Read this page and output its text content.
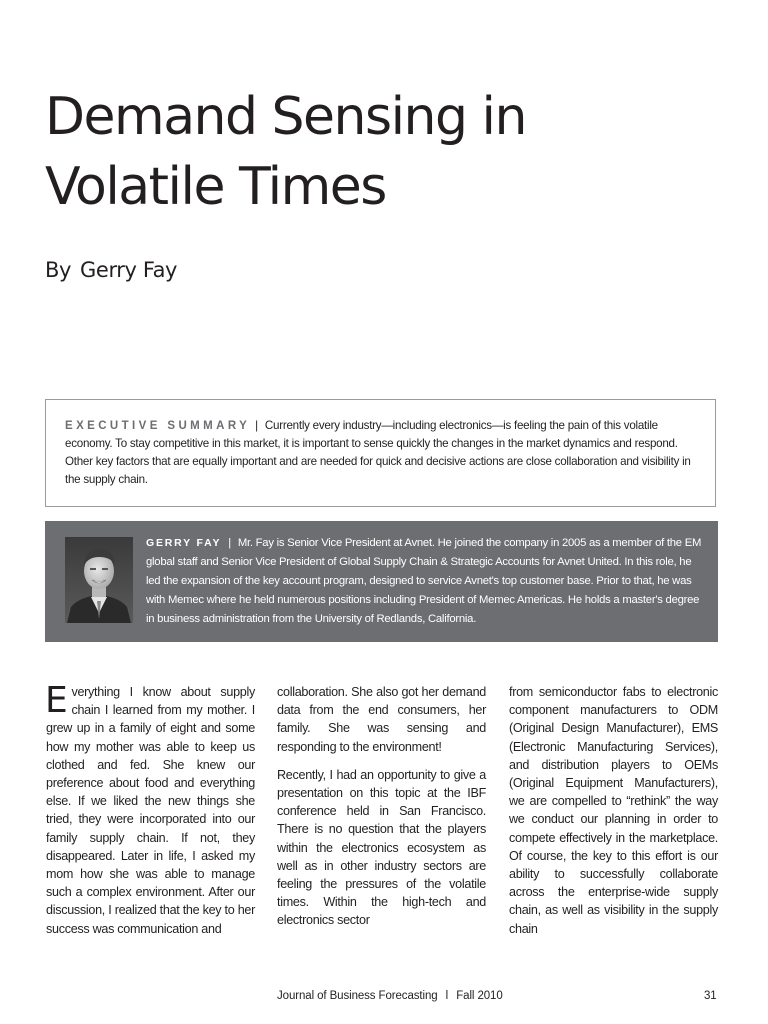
Demand Sensing in
Volatile Times
By Gerry Fay
EXECUTIVE SUMMARY | Currently every industry—including electronics—is feeling the pain of this volatile economy. To stay competitive in this market, it is important to sense quickly the changes in the market dynamics and respond. Other key factors that are equally important and are needed for quick and decisive actions are close collaboration and visibility in the supply chain.
GERRY FAY | Mr. Fay is Senior Vice President at Avnet. He joined the company in 2005 as a member of the EM global staff and Senior Vice President of Global Supply Chain & Strategic Accounts for Avnet United. In this role, he led the expansion of the key account program, designed to service Avnet's top customer base. Prior to that, he was with Memec where he held numerous positions including President of Memec Americas. He holds a master's degree in business administration from the University of Redlands, California.

Everything I know about supply chain I learned from my mother. I grew up in a family of eight and some how my mother was able to keep us clothed and fed. She knew our preference about food and everything else. If we liked the new things she tried, they were incorporated into our family supply chain. If not, they disappeared. Later in life, I asked my mom how she was able to manage such a complex environment. After our discussion, I realized that the key to her success was communication and

collaboration. She also got her demand data from the end consumers, her family. She was sensing and responding to the environment!

Recently, I had an opportunity to give a presentation on this topic at the IBF conference held in San Francisco. There is no question that the players within the electronics ecosystem as well as in other industry sectors are feeling the pressures of the volatile times. Within the high-tech and electronics sector

from semiconductor fabs to electronic component manufacturers to ODM (Original Design Manufacturer), EMS (Electronic Manufacturing Services), and distribution players to OEMs (Original Equipment Manufacturers), we are compelled to “rethink” the way we conduct our planning in order to compete effectively in the marketplace. Of course, the key to this effort is our ability to successfully collaborate across the enterprise-wide supply chain, as well as visibility in the supply chain

Journal of Business Forecasting l Fall 2010	31
